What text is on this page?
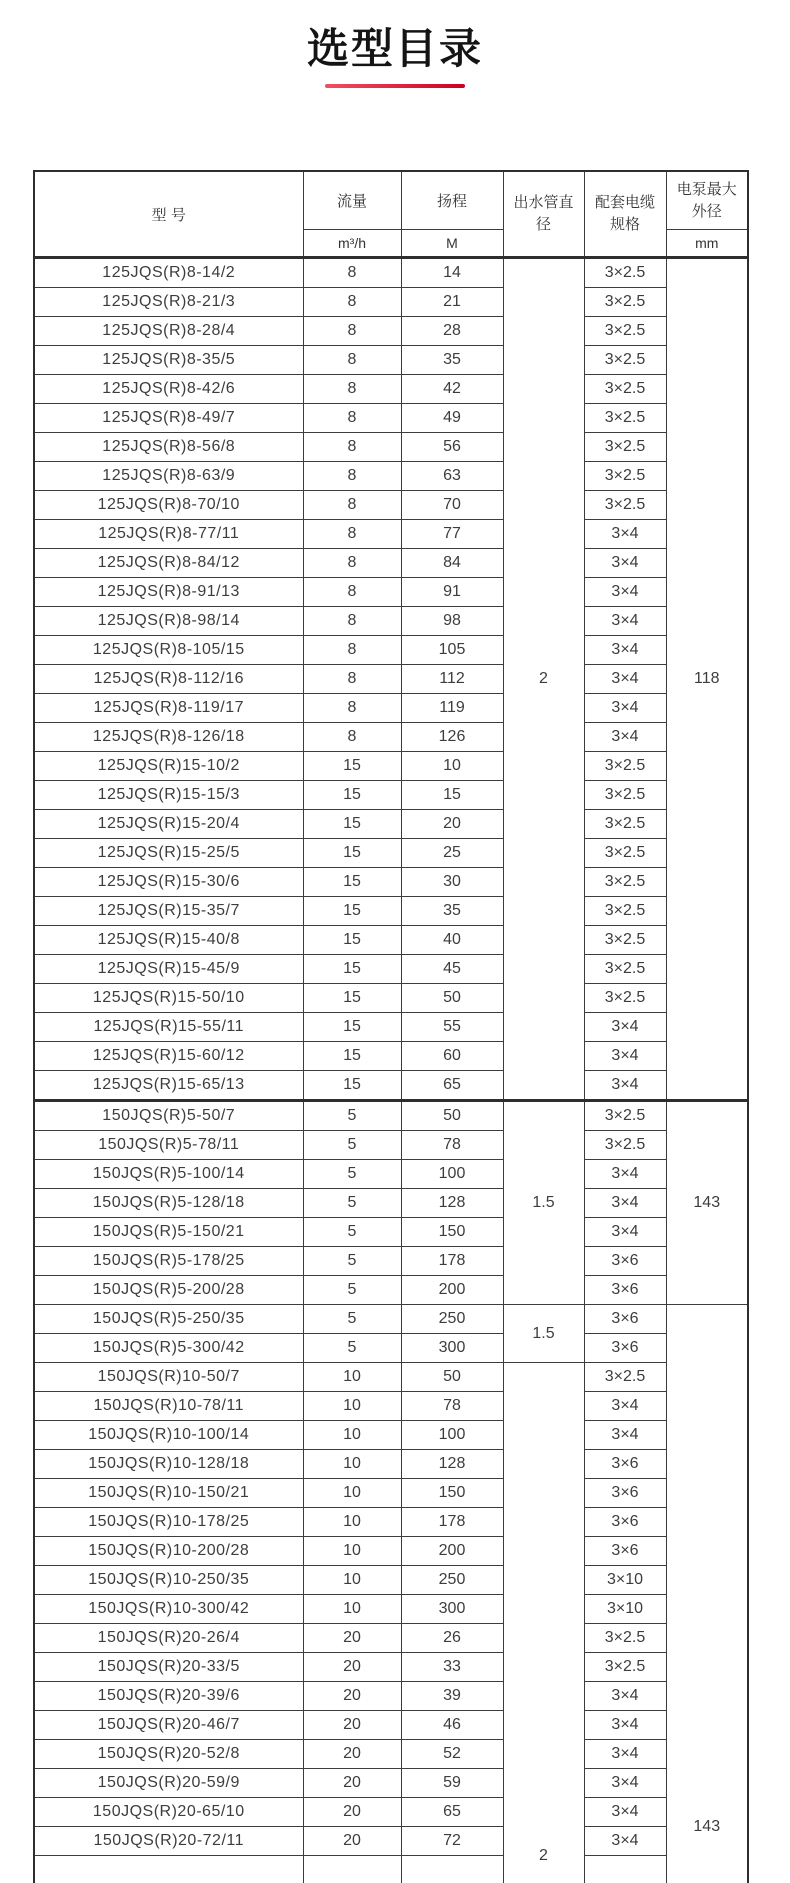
选型目录
型 号	流量	扬程	出水管直径	配套电缆规格	电泵最大外径
	m³/h	M			mm
125JQS(R)8-14/2	8	14	2	3×2.5	118
125JQS(R)8-21/3	8	21		3×2.5	
125JQS(R)8-28/4	8	28		3×2.5	
125JQS(R)8-35/5	8	35		3×2.5	
125JQS(R)8-42/6	8	42		3×2.5	
125JQS(R)8-49/7	8	49		3×2.5	
125JQS(R)8-56/8	8	56		3×2.5	
125JQS(R)8-63/9	8	63		3×2.5	
125JQS(R)8-70/10	8	70		3×2.5	
125JQS(R)8-77/11	8	77		3×4	
125JQS(R)8-84/12	8	84		3×4	
125JQS(R)8-91/13	8	91		3×4	
125JQS(R)8-98/14	8	98		3×4	
125JQS(R)8-105/15	8	105		3×4	
125JQS(R)8-112/16	8	112		3×4	
125JQS(R)8-119/17	8	119		3×4	
125JQS(R)8-126/18	8	126		3×4	
125JQS(R)15-10/2	15	10		3×2.5	
125JQS(R)15-15/3	15	15		3×2.5	
125JQS(R)15-20/4	15	20		3×2.5	
125JQS(R)15-25/5	15	25		3×2.5	
125JQS(R)15-30/6	15	30		3×2.5	
125JQS(R)15-35/7	15	35		3×2.5	
125JQS(R)15-40/8	15	40		3×2.5	
125JQS(R)15-45/9	15	45		3×2.5	
125JQS(R)15-50/10	15	50		3×2.5	
125JQS(R)15-55/11	15	55		3×4	
125JQS(R)15-60/12	15	60		3×4	
125JQS(R)15-65/13	15	65		3×4	
150JQS(R)5-50/7	5	50	1.5	3×2.5	143
150JQS(R)5-78/11	5	78		3×2.5	
150JQS(R)5-100/14	5	100		3×4	
150JQS(R)5-128/18	5	128		3×4	
150JQS(R)5-150/21	5	150		3×4	
150JQS(R)5-178/25	5	178		3×6	
150JQS(R)5-200/28	5	200		3×6	
150JQS(R)5-250/35	5	250	1.5	3×6	143
150JQS(R)5-300/42	5	300		3×6	
150JQS(R)10-50/7	10	50	2	3×2.5	
150JQS(R)10-78/11	10	78		3×4	
150JQS(R)10-100/14	10	100		3×4	
150JQS(R)10-128/18	10	128		3×6	
150JQS(R)10-150/21	10	150		3×6	
150JQS(R)10-178/25	10	178		3×6	
150JQS(R)10-200/28	10	200		3×6	
150JQS(R)10-250/35	10	250		3×10	
150JQS(R)10-300/42	10	300		3×10	
150JQS(R)20-26/4	20	26		3×2.5	
150JQS(R)20-33/5	20	33		3×2.5	
150JQS(R)20-39/6	20	39		3×4	
150JQS(R)20-46/7	20	46		3×4	
150JQS(R)20-52/8	20	52		3×4	
150JQS(R)20-59/9	20	59		3×4	
150JQS(R)20-65/10	20	65		3×4	
150JQS(R)20-72/11	20	72		3×4	
